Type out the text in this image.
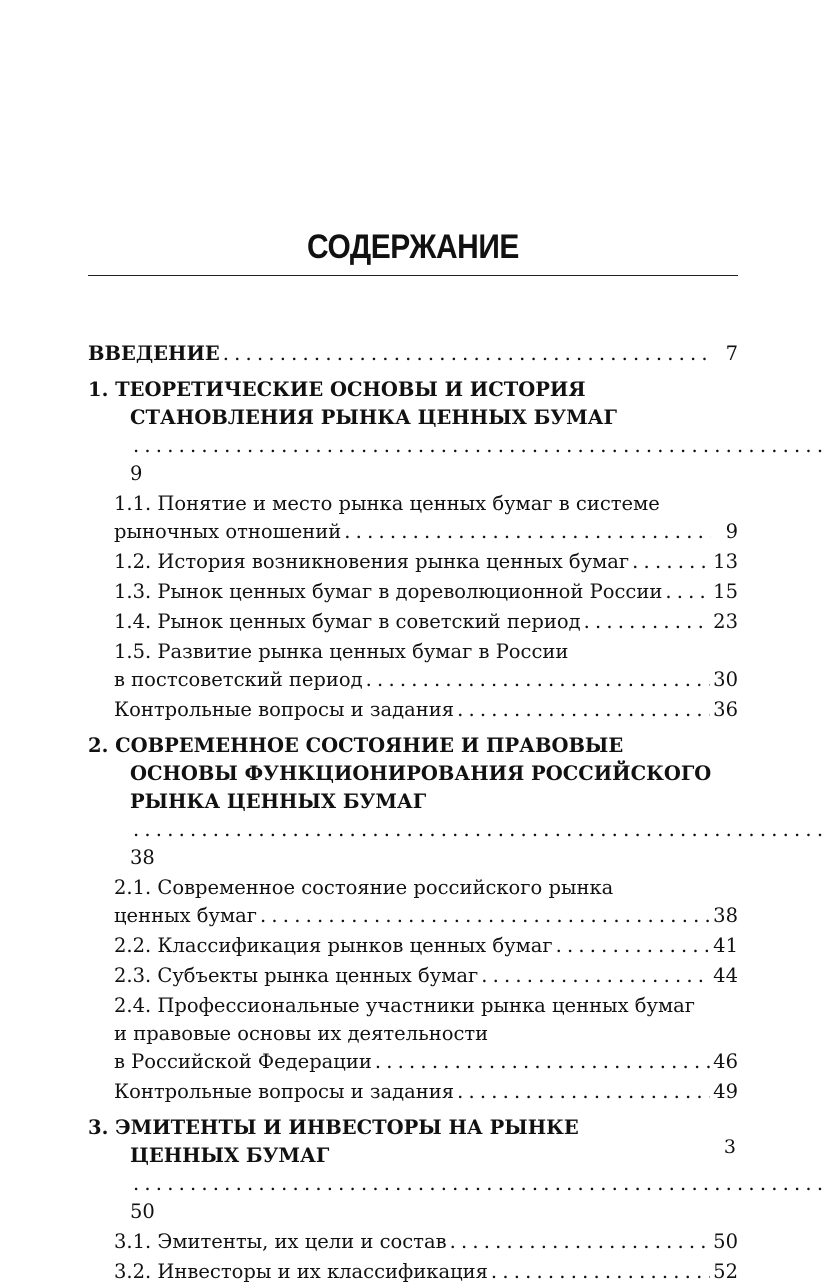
СОДЕРЖАНИЕ
ВВЕДЕНИЕ . . .	7
1. ТЕОРЕТИЧЕСКИЕ ОСНОВЫ И ИСТОРИЯ
СТАНОВЛЕНИЯ РЫНКА ЦЕННЫХ БУМАГ . . . 9
1.1. Понятие и место рынка ценных бумаг в системе
рыночных отношений . . .	9
1.2. История возникновения рынка ценных бумаг . . .	13
1.3. Рынок ценных бумаг в дореволюционной России . . .	15
1.4. Рынок ценных бумаг в советский период . . .	23
1.5. Развитие рынка ценных бумаг в России
в постсоветский период . . .	30
Контрольные вопросы и задания . . .	36
2. СОВРЕМЕННОЕ СОСТОЯНИЕ И ПРАВОВЫЕ
ОСНОВЫ ФУНКЦИОНИРОВАНИЯ РОССИЙСКОГО
РЫНКА ЦЕННЫХ БУМАГ . . . 38
2.1. Современное состояние российского рынка
ценных бумаг . . .	38
2.2. Классификация рынков ценных бумаг . . .	41
2.3. Субъекты рынка ценных бумаг . . .	44
2.4. Профессиональные участники рынка ценных бумаг
и правовые основы их деятельности
в Российской Федерации . . .	46
Контрольные вопросы и задания . . .	49
3. ЭМИТЕНТЫ И ИНВЕСТОРЫ НА РЫНКЕ
ЦЕННЫХ БУМАГ . . . 50
3.1. Эмитенты, их цели и состав . . .	50
3.2. Инвесторы и их классификация . . .	52
3
